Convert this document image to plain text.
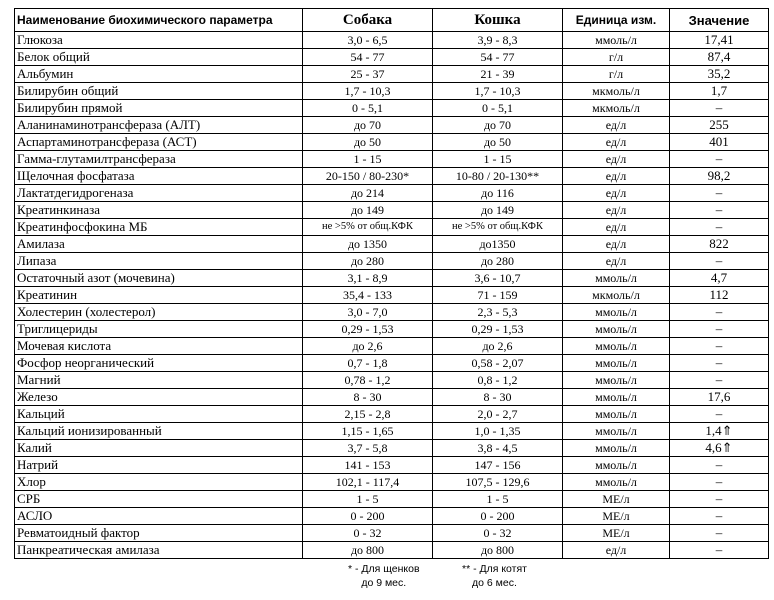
Наименование биохимического параметра	Собака	Кошка	Единица изм.	Значение
Глюкоза	3,0 - 6,5	3,9 - 8,3	ммоль/л	17,41
Белок общий	54 - 77	54 - 77	г/л	87,4
Альбумин	25 - 37	21 - 39	г/л	35,2
Билирубин общий	1,7 - 10,3	1,7 - 10,3	мкмоль/л	1,7
Билирубин прямой	0 - 5,1	0 - 5,1	мкмоль/л	–
Аланинаминотрансфераза (АЛТ)	до 70	до 70	ед/л	255
Аспартаминотрансфераза (АСТ)	до 50	до 50	ед/л	401
Гамма-глутамилтрансфераза	1 - 15	1 - 15	ед/л	–
Щелочная фосфатаза	20-150 / 80-230*	10-80 / 20-130**	ед/л	98,2
Лактатдегидрогеназа	до 214	до 116	ед/л	–
Креатинкиназа	до 149	до 149	ед/л	–
Креатинфосфокина МБ	не >5% от общ.КФК	не >5% от общ.КФК	ед/л	–
Амилаза	до 1350	до1350	ед/л	822
Липаза	до 280	до 280	ед/л	–
Остаточный азот (мочевина)	3,1 - 8,9	3,6 - 10,7	ммоль/л	4,7
Креатинин	35,4 - 133	71 - 159	мкмоль/л	112
Холестерин (холестерол)	3,0 - 7,0	2,3 - 5,3	ммоль/л	–
Триглицериды	0,29 - 1,53	0,29 - 1,53	ммоль/л	–
Мочевая кислота	до 2,6	до 2,6	ммоль/л	–
Фосфор неорганический	0,7 - 1,8	0,58 - 2,07	ммоль/л	–
Магний	0,78 - 1,2	0,8 - 1,2	ммоль/л	–
Железо	8 - 30	8 - 30	ммоль/л	17,6
Кальций	2,15 - 2,8	2,0 - 2,7	ммоль/л	–
Кальций ионизированный	1,15 - 1,65	1,0 - 1,35	ммоль/л	1,4⇑
Калий	3,7 - 5,8	3,8 - 4,5	ммоль/л	4,6⇑
Натрий	141 - 153	147 - 156	ммоль/л	–
Хлор	102,1 - 117,4	107,5 - 129,6	ммоль/л	–
СРБ	1 - 5	1 - 5	МЕ/л	–
АСЛО	0 - 200	0 - 200	МЕ/л	–
Ревматоидный фактор	0 - 32	0 - 32	МЕ/л	–
Панкреатическая амилаза	до 800	до 800	ед/л	–
* - Для щенков
до 9 мес.
** - Для котят
до 6 мес.
